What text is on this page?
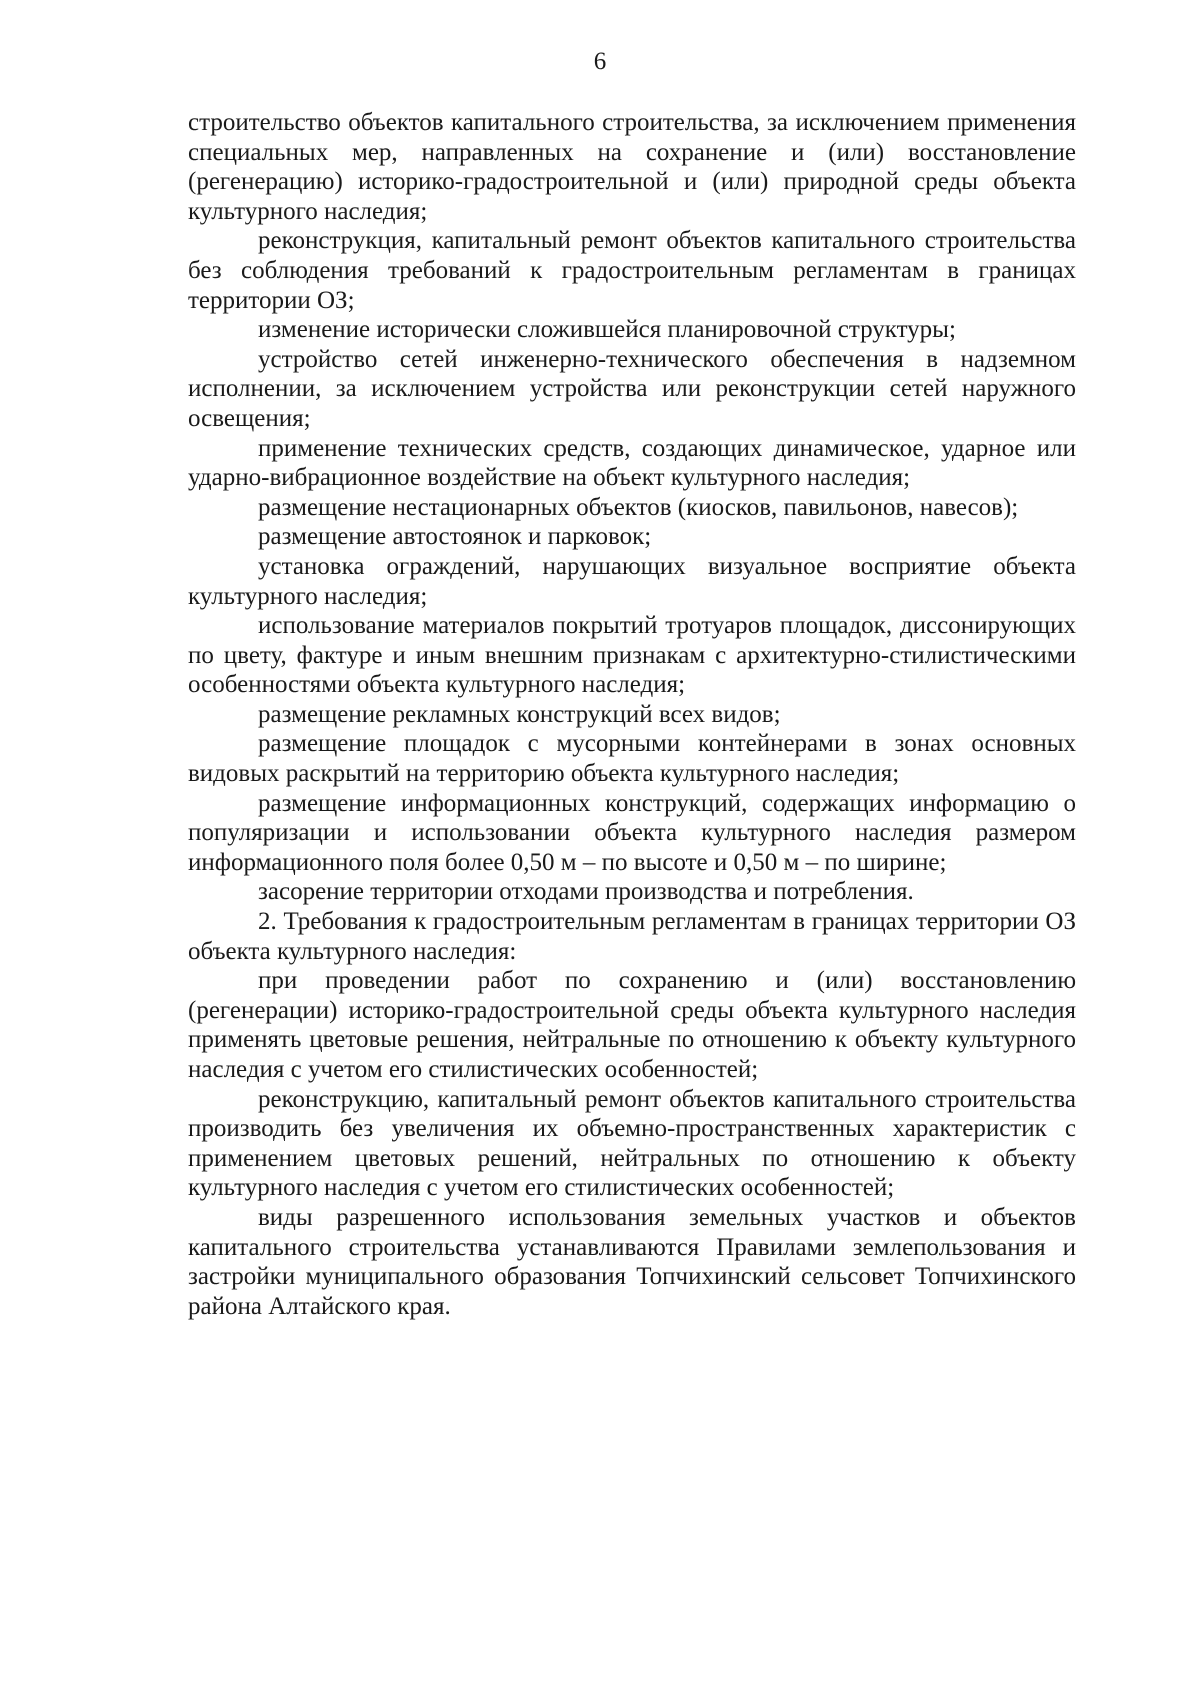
6

строительство объектов капитального строительства, за исключением применения специальных мер, направленных на сохранение и (или) восстановление (регенерацию) историко-градостроительной и (или) природной среды объекта культурного наследия;

реконструкция, капитальный ремонт объектов капитального строительства без соблюдения требований к градостроительным регламентам в границах территории ОЗ;

изменение исторически сложившейся планировочной структуры;

устройство сетей инженерно-технического обеспечения в надземном исполнении, за исключением устройства или реконструкции сетей наружного освещения;

применение технических средств, создающих динамическое, ударное или ударно-вибрационное воздействие на объект культурного наследия;

размещение нестационарных объектов (киосков, павильонов, навесов);

размещение автостоянок и парковок;

установка ограждений, нарушающих визуальное восприятие объекта культурного наследия;

использование материалов покрытий тротуаров площадок, диссонирующих по цвету, фактуре и иным внешним признакам с архитектурно-стилистическими особенностями объекта культурного наследия;

размещение рекламных конструкций всех видов;

размещение площадок с мусорными контейнерами в зонах основных видовых раскрытий на территорию объекта культурного наследия;

размещение информационных конструкций, содержащих информацию о популяризации и использовании объекта культурного наследия размером информационного поля более 0,50 м – по высоте и 0,50 м – по ширине;

засорение территории отходами производства и потребления.

2. Требования к градостроительным регламентам в границах территории ОЗ объекта культурного наследия:

при проведении работ по сохранению и (или) восстановлению (регенерации) историко-градостроительной среды объекта культурного наследия применять цветовые решения, нейтральные по отношению к объекту культурного наследия с учетом его стилистических особенностей;

реконструкцию, капитальный ремонт объектов капитального строительства производить без увеличения их объемно-пространственных характеристик с применением цветовых решений, нейтральных по отношению к объекту культурного наследия с учетом его стилистических особенностей;

виды разрешенного использования земельных участков и объектов капитального строительства устанавливаются Правилами землепользования и застройки муниципального образования Топчихинский сельсовет Топчихинского района Алтайского края.
